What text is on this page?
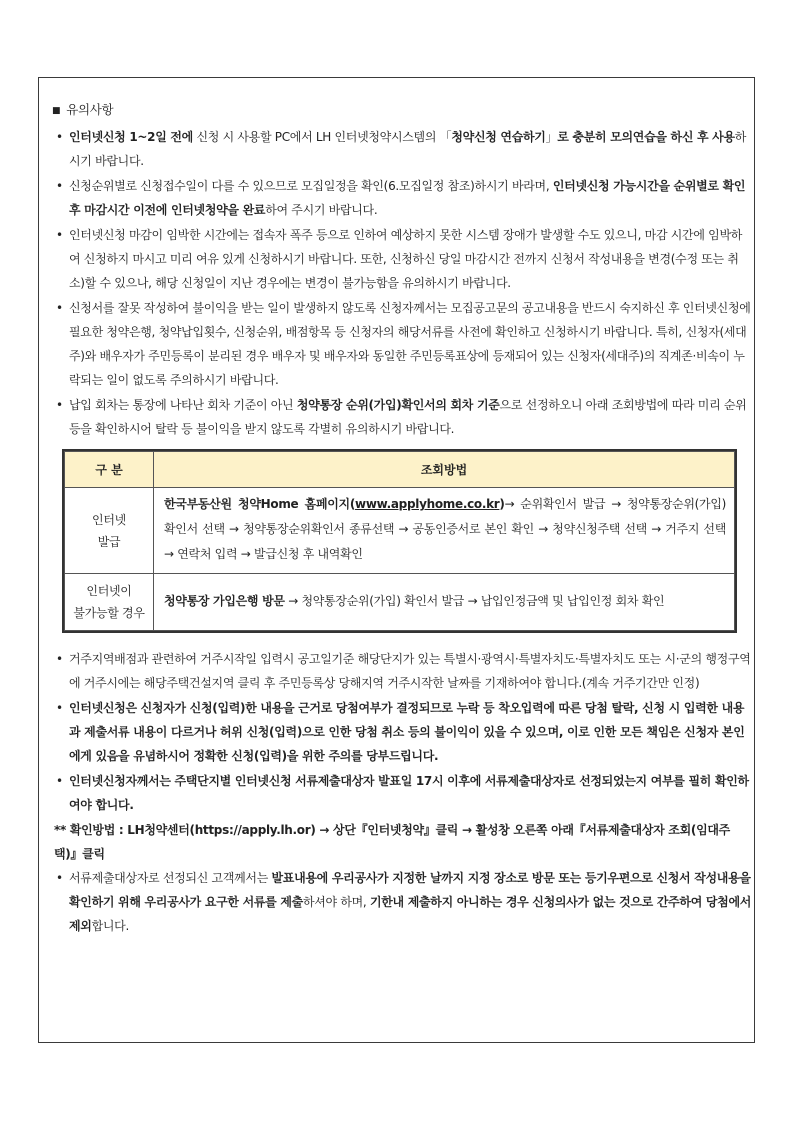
■ 유의사항
• 인터넷신청 1~2일 전에 신청 시 사용할 PC에서 LH 인터넷청약시스템의 「청약신청 연습하기」로 충분히 모의연습을 하신 후 사용하시기 바랍니다.
• 신청순위별로 신청접수일이 다를 수 있으므로 모집일정을 확인(6.모집일정 참조)하시기 바라며, 인터넷신청 가능시간을 순위별로 확인 후 마감시간 이전에 인터넷청약을 완료하여 주시기 바랍니다.
• 인터넷신청 마감이 임박한 시간에는 접속자 폭주 등으로 인하여 예상하지 못한 시스템 장애가 발생할 수도 있으니, 마감 시간에 임박하여 신청하지 마시고 미리 여유 있게 신청하시기 바랍니다. 또한, 신청하신 당일 마감시간 전까지 신청서 작성내용을 변경(수정 또는 취소)할 수 있으나, 해당 신청일이 지난 경우에는 변경이 불가능함을 유의하시기 바랍니다.
• 신청서를 잘못 작성하여 불이익을 받는 일이 발생하지 않도록 신청자께서는 모집공고문의 공고내용을 반드시 숙지하신 후 인터넷신청에 필요한 청약은행, 청약납입횟수, 신청순위, 배점항목 등 신청자의 해당서류를 사전에 확인하고 신청하시기 바랍니다. 특히, 신청자(세대주)와 배우자가 주민등록이 분리된 경우 배우자 및 배우자와 동일한 주민등록표상에 등재되어 있는 신청자(세대주)의 직계존·비속이 누락되는 일이 없도록 주의하시기 바랍니다.
• 납입 회차는 통장에 나타난 회차 기준이 아닌 청약통장 순위(가입)확인서의 회차 기준으로 선정하오니 아래 조회방법에 따라 미리 순위 등을 확인하시어 탈락 등 불이익을 받지 않도록 각별히 유의하시기 바랍니다.
구 분	조회방법
인터넷
발급	한국부동산원 청약Home 홈페이지(www.applyhome.co.kr)→ 순위확인서 발급 → 청약통장순위(가입) 확인서 선택 → 청약통장순위확인서 종류선택 → 공동인증서로 본인 확인 → 청약신청주택 선택 → 거주지 선택 → 연락처 입력 → 발급신청 후 내역확인
인터넷이
불가능할 경우	청약통장 가입은행 방문 → 청약통장순위(가입) 확인서 발급 → 납입인정금액 및 납입인정 회차 확인
• 거주지역배점과 관련하여 거주시작일 입력시 공고일기준 해당단지가 있는 특별시·광역시·특별자치도·특별자치도 또는 시·군의 행정구역에 거주시에는 해당주택건설지역 클릭 후 주민등록상 당해지역 거주시작한 날짜를 기재하여야 합니다.(계속 거주기간만 인정)
• 인터넷신청은 신청자가 신청(입력)한 내용을 근거로 당첨여부가 결정되므로 누락 등 착오입력에 따른 당첨 탈락, 신청 시 입력한 내용과 제출서류 내용이 다르거나 허위 신청(입력)으로 인한 당첨 취소 등의 불이익이 있을 수 있으며, 이로 인한 모든 책임은 신청자 본인에게 있음을 유념하시어 정확한 신청(입력)을 위한 주의를 당부드립니다.
• 인터넷신청자께서는 주택단지별 인터넷신청 서류제출대상자 발표일 17시 이후에 서류제출대상자로 선정되었는지 여부를 필히 확인하여야 합니다.
** 확인방법 : LH청약센터(https://apply.lh.or) → 상단『인터넷청약』클릭 → 활성창 오른쪽 아래『서류제출대상자 조회(임대주택)』클릭
• 서류제출대상자로 선정되신 고객께서는 발표내용에 우리공사가 지정한 날까지 지정 장소로 방문 또는 등기우편으로 신청서 작성내용을 확인하기 위해 우리공사가 요구한 서류를 제출하셔야 하며, 기한내 제출하지 아니하는 경우 신청의사가 없는 것으로 간주하여 당첨에서 제외합니다.
